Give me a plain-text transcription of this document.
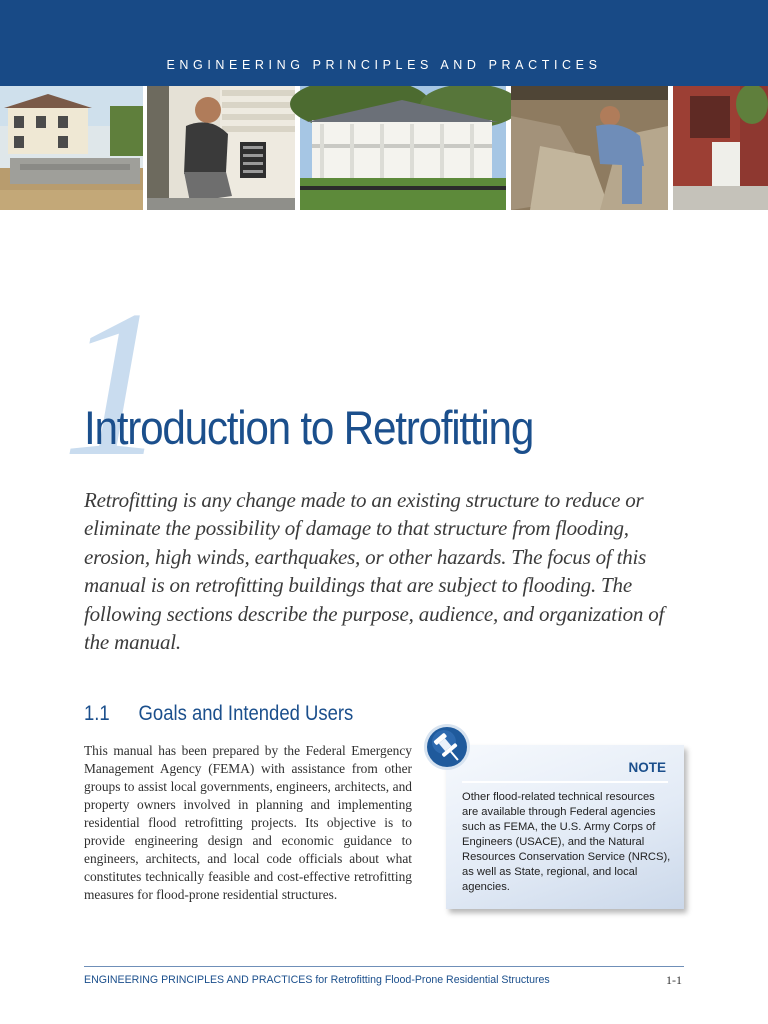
ENGINEERING PRINCIPLES AND PRACTICES

1

Introduction to Retrofitting

Retrofitting is any change made to an existing structure to reduce or eliminate the possibility of damage to that structure from flooding, erosion, high winds, earthquakes, or other hazards. The focus of this manual is on retrofitting buildings that are subject to flooding. The following sections describe the purpose, audience, and organization of the manual.

1.1 Goals and Intended Users

This manual has been prepared by the Federal Emergency Management Agency (FEMA) with assistance from other groups to assist local governments, engineers, architects, and property owners involved in planning and implementing residential flood retrofitting projects. Its objective is to provide engineering design and economic guidance to engineers, architects, and local code officials about what constitutes technically feasible and cost-effective retrofitting measures for flood-prone residential structures.

NOTE

Other flood-related technical resources are available through Federal agencies such as FEMA, the U.S. Army Corps of Engineers (USACE), and the Natural Resources Conservation Service (NRCS), as well as State, regional, and local agencies.

ENGINEERING PRINCIPLES AND PRACTICES for Retrofitting Flood-Prone Residential Structures	1-1
